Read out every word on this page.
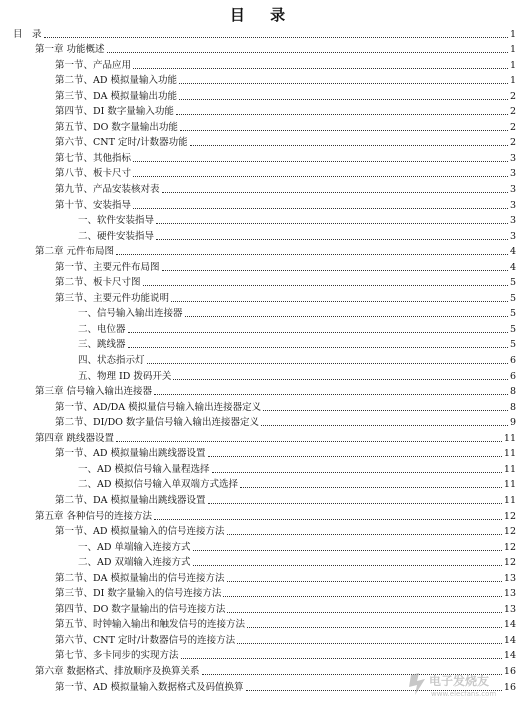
目 录
目　录	1
第一章 功能概述	1
第一节、产品应用	1
第二节、AD 模拟量输入功能	1
第三节、DA 模拟量输出功能	2
第四节、DI 数字量输入功能	2
第五节、DO 数字量输出功能	2
第六节、CNT 定时/计数器功能	2
第七节、其他指标	3
第八节、板卡尺寸	3
第九节、产品安装核对表	3
第十节、安装指导	3
一、软件安装指导	3
二、硬件安装指导	3
第二章 元件布局图	4
第一节、主要元件布局图	4
第二节、板卡尺寸图	5
第三节、主要元件功能说明	5
一、信号输入输出连接器	5
二、电位器	5
三、跳线器	5
四、状态指示灯	6
五、物理 ID 拨码开关	6
第三章 信号输入输出连接器	8
第一节、AD/DA 模拟量信号输入输出连接器定义	8
第二节、DI/DO 数字量信号输入输出连接器定义	9
第四章 跳线器设置	11
第一节、AD 模拟量输出跳线器设置	11
一、AD 模拟信号输入量程选择	11
二、AD 模拟信号输入单双端方式选择	11
第二节、DA 模拟量输出跳线器设置	11
第五章 各种信号的连接方法	12
第一节、AD 模拟量输入的信号连接方法	12
一、AD 单端输入连接方式	12
二、AD 双端输入连接方式	12
第二节、DA 模拟量输出的信号连接方法	13
第三节、DI 数字量输入的信号连接方法	13
第四节、DO 数字量输出的信号连接方法	13
第五节、时钟输入输出和触发信号的连接方法	14
第六节、CNT 定时/计数器信号的连接方法	14
第七节、多卡同步的实现方法	14
第六章 数据格式、排放顺序及换算关系	16
第一节、AD 模拟量输入数据格式及码值换算	16
电子发烧友
www.elecfans.com
